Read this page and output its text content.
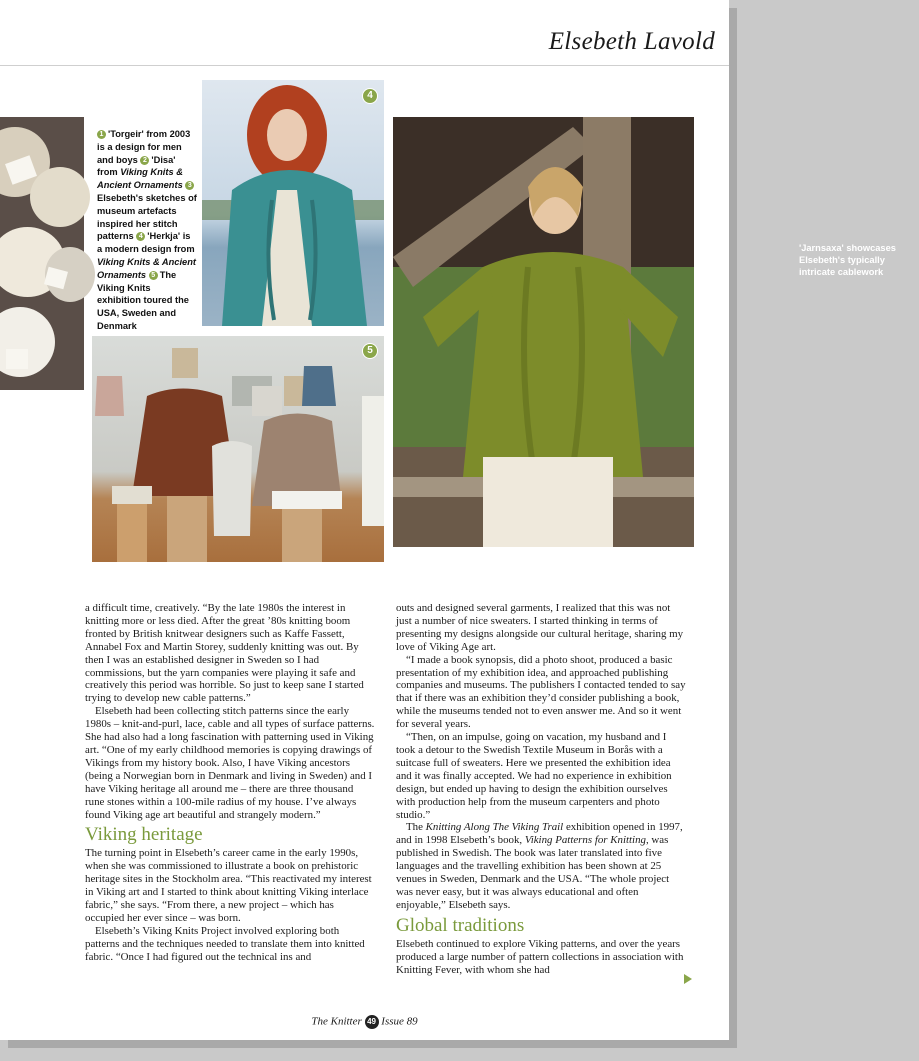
Elsebeth Lavold
1 'Torgeir' from 2003 is a design for men and boys 2 'Disa' from Viking Knits & Ancient Ornaments 3Elsebeth's sketches of museum artefacts inspired her stitch patterns 4 'Herkja' is a modern design from Viking Knits & Ancient Ornaments 5 The Viking Knits exhibition toured the USA, Sweden and Denmark
4
'Jarnsaxa' showcases Elsebeth's typically intricate cablework
5

a difficult time, creatively. “By the late 1980s the interest in knitting more or less died. After the great ’80s knitting boom fronted by British knitwear designers such as Kaffe Fassett, Annabel Fox and Martin Storey, suddenly knitting was out. By then I was an established designer in Sweden so I had commissions, but the yarn companies were playing it safe and creatively this period was horrible. So just to keep sane I started trying to develop new cable patterns.”

Elsebeth had been collecting stitch patterns since the early 1980s – knit-and-purl, lace, cable and all types of surface patterns. She had also had a long fascination with patterning used in Viking art. “One of my early childhood memories is copying drawings of Vikings from my history book. Also, I have Viking ancestors (being a Norwegian born in Denmark and living in Sweden) and I have Viking heritage all around me – there are three thousand rune stones within a 100-mile radius of my house. I’ve always found Viking age art beautiful and strangely modern.”

Viking heritage

The turning point in Elsebeth’s career came in the early 1990s, when she was commissioned to illustrate a book on prehistoric heritage sites in the Stockholm area. “This reactivated my interest in Viking art and I started to think about knitting Viking interlace fabric,” she says. “From there, a new project – which has occupied her ever since – was born.

Elsebeth’s Viking Knits Project involved exploring both patterns and the techniques needed to translate them into knitted fabric. “Once I had figured out the technical ins and

outs and designed several garments, I realized that this was not just a number of nice sweaters. I started thinking in terms of presenting my designs alongside our cultural heritage, sharing my love of Viking Age art.

“I made a book synopsis, did a photo shoot, produced a basic presentation of my exhibition idea, and approached publishing companies and museums. The publishers I contacted tended to say that if there was an exhibition they’d consider publishing a book, while the museums tended not to even answer me. And so it went for several years.

“Then, on an impulse, going on vacation, my husband and I took a detour to the Swedish Textile Museum in Borås with a suitcase full of sweaters. Here we presented the exhibition idea and it was finally accepted. We had no experience in exhibition design, but ended up having to design the exhibition ourselves with production help from the museum carpenters and photo studio.”

The Knitting Along The Viking Trail exhibition opened in 1997, and in 1998 Elsebeth’s book, Viking Patterns for Knitting, was published in Swedish. The book was later translated into five languages and the travelling exhibition has been shown at 25 venues in Sweden, Denmark and the USA. “The whole project was never easy, but it was always educational and often enjoyable,” Elsebeth says.

Global traditions

Elsebeth continued to explore Viking patterns, and over the years produced a large number of pattern collections in association with Knitting Fever, with whom she had

The Knitter 49 Issue 89
